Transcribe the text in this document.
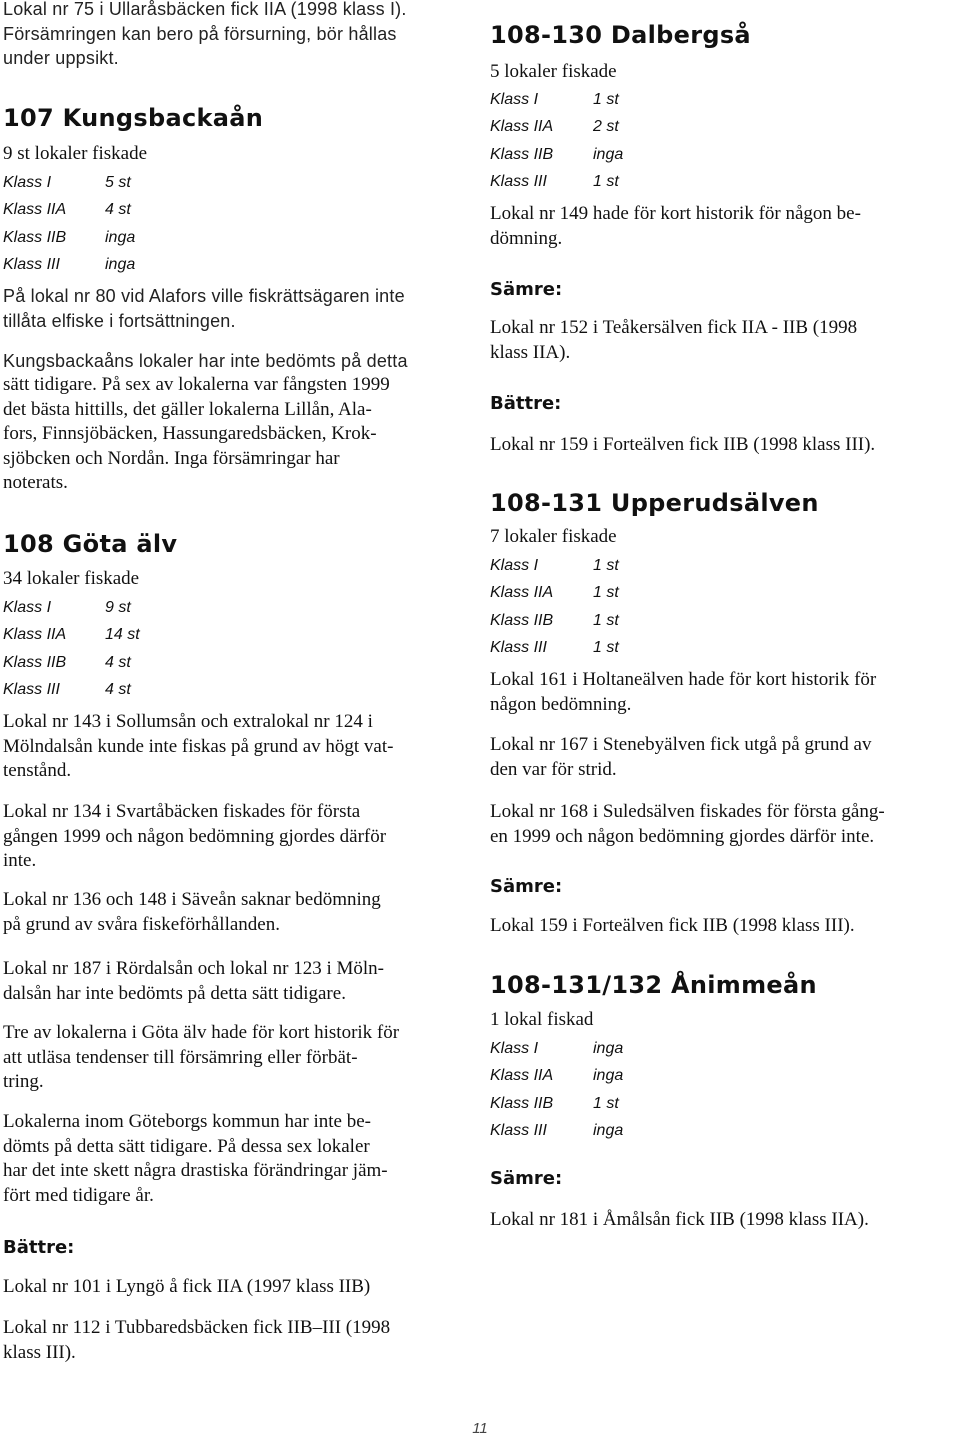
Lokal nr 75 i Ullaråsbäcken fick IIA (1998 klass I).
Försämringen kan bero på försurning, bör hållas
under uppsikt.

107 Kungsbackaån

9 st lokaler fiskade

Klass I	5 st
Klass IIA	4 st
Klass IIB	inga
Klass III	inga

På lokal nr 80 vid Alafors ville fiskrättsägaren inte
tillåta elfiske i fortsättningen.

Kungsbackaåns lokaler har inte bedömts på detta

sätt tidigare. På sex av lokalerna var fångsten 1999
det bästa hittills, det gäller lokalerna Lillån, Ala-
fors, Finnsjöbäcken, Hassungaredsbäcken, Krok-
sjöbcken och Nordån. Inga försämringar har
noterats.

108 Göta älv

34 lokaler fiskade

Klass I	9 st
Klass IIA	14 st
Klass IIB	4 st
Klass III	4 st

Lokal nr 143 i Sollumsån och extralokal nr 124 i
Mölndalsån kunde inte fiskas på grund av högt vat-
tenstånd.

Lokal nr 134 i Svartåbäcken fiskades för första
gången 1999 och någon bedömning gjordes därför
inte.

Lokal nr 136 och 148 i Säveån saknar bedömning
på grund av svåra fiskeförhållanden.

Lokal nr 187 i Rördalsån och lokal nr 123 i Möln-
dalsån har inte bedömts på detta sätt tidigare.

Tre av lokalerna i Göta älv hade för kort historik för
att utläsa tendenser till försämring eller förbät-
tring.

Lokalerna inom Göteborgs kommun har inte be-
dömts på detta sätt tidigare. På dessa sex lokaler
har det inte skett några drastiska förändringar jäm-
fört med tidigare år.

Bättre:

Lokal nr 101 i Lyngö å fick IIA (1997 klass IIB)

Lokal nr 112 i Tubbaredsbäcken fick IIB–III (1998
klass III).

108-130 Dalbergså

5 lokaler fiskade

Klass I	1 st
Klass IIA	2 st
Klass IIB	inga
Klass III	1 st

Lokal nr 149 hade för kort historik för någon be-
dömning.

Sämre:

Lokal nr 152 i Teåkersälven fick IIA - IIB (1998
klass IIA).

Bättre:

Lokal nr 159 i Forteälven fick IIB (1998 klass III).

108-131 Upperudsälven

7 lokaler fiskade

Klass I	1 st
Klass IIA	1 st
Klass IIB	1 st
Klass III	1 st

Lokal 161 i Holtaneälven hade för kort historik för
någon bedömning.

Lokal nr 167 i Stenebyälven fick utgå på grund av
den var för strid.

Lokal nr 168 i Suledsälven fiskades för första gång-
en 1999 och någon bedömning gjordes därför inte.

Sämre:

Lokal 159 i Forteälven fick IIB (1998 klass III).

108-131/132 Ånimmeån

1 lokal fiskad

Klass I	inga
Klass IIA	inga
Klass IIB	1 st
Klass III	inga
Sämre:

Lokal nr 181 i Åmålsån fick IIB (1998 klass IIA).

11
